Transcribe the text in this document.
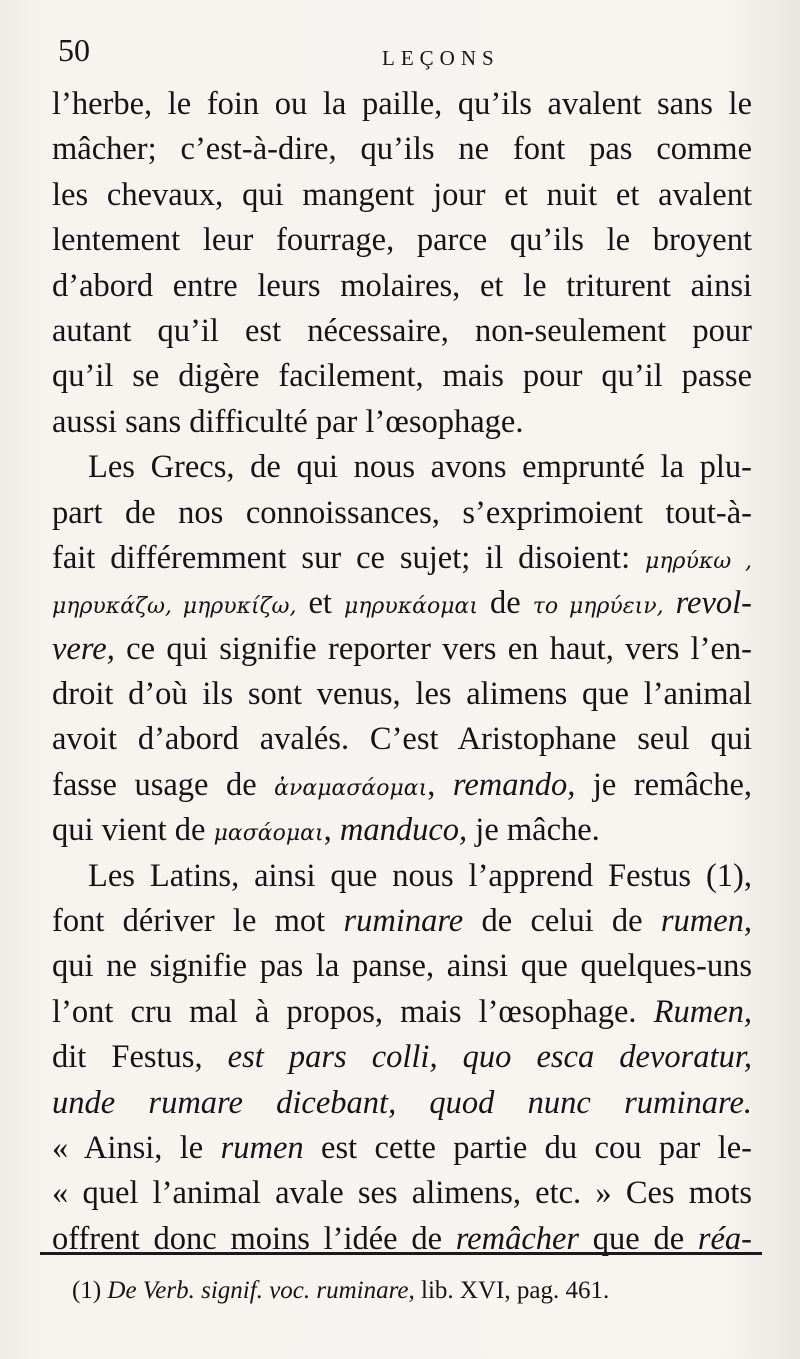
50	LEÇONS
l’herbe, le foin ou la paille, qu’ils avalent sans le
mâcher; c’est-à-dire, qu’ils ne font pas comme
les chevaux, qui mangent jour et nuit et avalent
lentement leur fourrage, parce qu’ils le broyent
d’abord entre leurs molaires, et le triturent ainsi
autant qu’il est nécessaire, non-seulement pour
qu’il se digère facilement, mais pour qu’il passe
aussi sans difficulté par l’œsophage.
Les Grecs, de qui nous avons emprunté la plu-
part de nos connoissances, s’exprimoient tout-à-
fait différemment sur ce sujet; il disoient: μηρύκω ,
μηρυκάζω, μηρυκίζω, et μηρυκάομαι de το μηρύειν, revol-
vere, ce qui signifie reporter vers en haut, vers l’en-
droit d’où ils sont venus, les alimens que l’animal
avoit d’abord avalés. C’est Aristophane seul qui
fasse usage de ἀναμασάομαι, remando, je remâche,
qui vient de μασάομαι, manduco, je mâche.
Les Latins, ainsi que nous l’apprend Festus (1),
font dériver le mot ruminare de celui de rumen,
qui ne signifie pas la panse, ainsi que quelques-uns
l’ont cru mal à propos, mais l’œsophage. Rumen,
dit Festus, est pars colli, quo esca devoratur,
unde rumare dicebant, quod nunc ruminare.
« Ainsi, le rumen est cette partie du cou par le-
« quel l’animal avale ses alimens, etc. » Ces mots
offrent donc moins l’idée de remâcher que de réa-
(1) De Verb. signif. voc. ruminare, lib. XVI, pag. 461.
